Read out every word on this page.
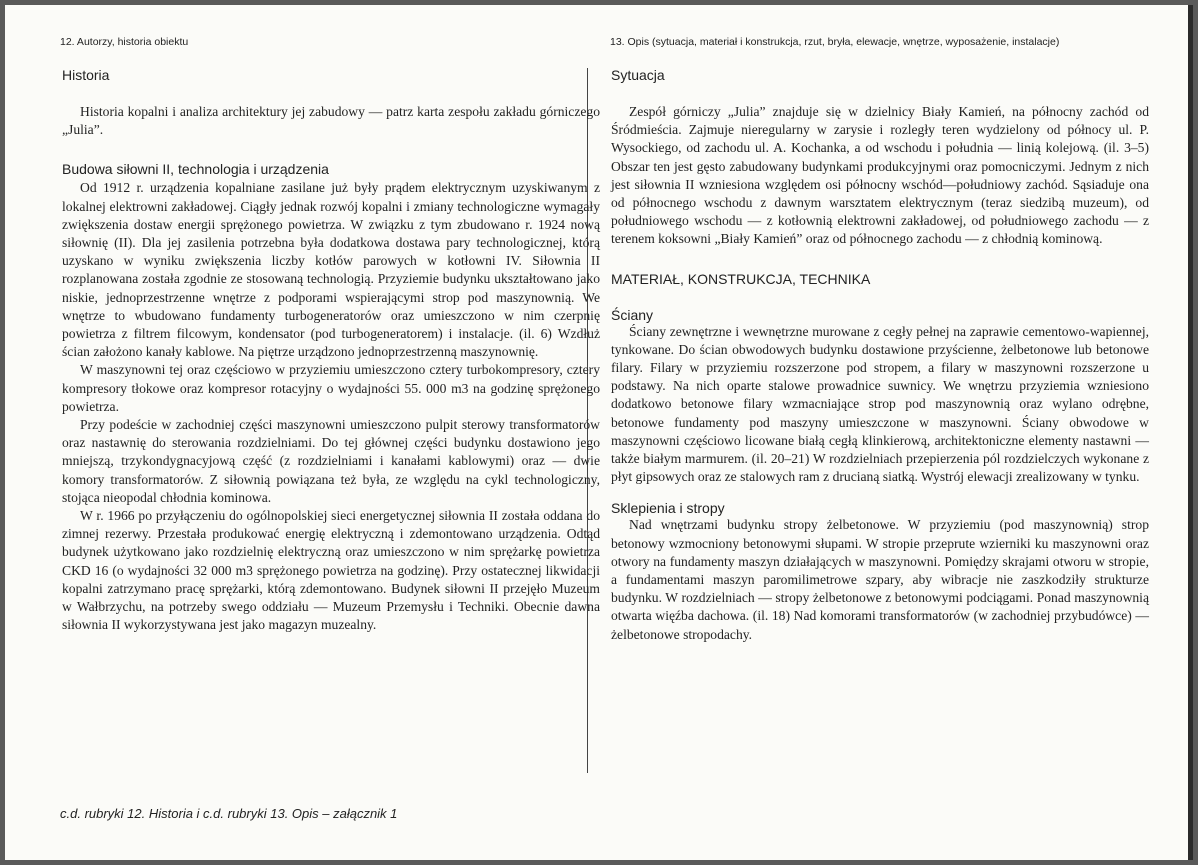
12. Autorzy, historia obiektu	13. Opis (sytuacja, materiał i konstrukcja, rzut, bryła, elewacje, wnętrze, wyposażenie, instalacje)
Historia

Historia kopalni i analiza architektury jej zabudowy — patrz karta zespołu zakładu górniczego „Julia”.

Budowa siłowni II, technologia i urządzenia

Od 1912 r. urządzenia kopalniane zasilane już były prądem elektrycznym uzyskiwanym z lokalnej elektrowni zakładowej. Ciągły jednak rozwój kopalni i zmiany technologiczne wymagały zwiększenia dostaw energii sprężonego powietrza. W związku z tym zbudowano r. 1924 nową siłownię (II). Dla jej zasilenia potrzebna była dodatkowa dostawa pary technologicznej, którą uzyskano w wyniku zwiększenia liczby kotłów parowych w kotłowni IV. Siłownia II rozplanowana została zgodnie ze stosowaną technologią. Przyziemie budynku ukształtowano jako niskie, jednoprzestrzenne wnętrze z podporami wspierającymi strop pod maszynownią. We wnętrze to wbudowano fundamenty turbogeneratorów oraz umieszczono w nim czerpnię powietrza z filtrem filcowym, kondensator (pod turbogeneratorem) i instalacje. (il. 6) Wzdłuż ścian założono kanały kablowe. Na piętrze urządzono jednoprzestrzenną maszynownię.

W maszynowni tej oraz częściowo w przyziemiu umieszczono cztery turbokompresory, cztery kompresory tłokowe oraz kompresor rotacyjny o wydajności 55. 000 m3 na godzinę sprężonego powietrza.

Przy podeście w zachodniej części maszynowni umieszczono pulpit sterowy transformatorów oraz nastawnię do sterowania rozdzielniami. Do tej głównej części budynku dostawiono jego mniejszą, trzykondygnacyjową część (z rozdzielniami i kanałami kablowymi) oraz — dwie komory transformatorów. Z siłownią powiązana też była, ze względu na cykl technologiczny, stojąca nieopodal chłodnia kominowa.

W r. 1966 po przyłączeniu do ogólnopolskiej sieci energetycznej siłownia II została oddana do zimnej rezerwy. Przestała produkować energię elektryczną i zdemontowano urządzenia. Odtąd budynek użytkowano jako rozdzielnię elektryczną oraz umieszczono w nim sprężarkę powietrza CKD 16 (o wydajności 32 000 m3 sprężonego powietrza na godzinę). Przy ostatecznej likwidacji kopalni zatrzymano pracę sprężarki, którą zdemontowano. Budynek siłowni II przejęło Muzeum w Wałbrzychu, na potrzeby swego oddziału — Muzeum Przemysłu i Techniki. Obecnie dawna siłownia II wykorzystywana jest jako magazyn muzealny.

Sytuacja

Zespół górniczy „Julia” znajduje się w dzielnicy Biały Kamień, na północny zachód od Śródmieścia. Zajmuje nieregularny w zarysie i rozległy teren wydzielony od północy ul. P. Wysockiego, od zachodu ul. A. Kochanka, a od wschodu i południa — linią kolejową. (il. 3–5) Obszar ten jest gęsto zabudowany budynkami produkcyjnymi oraz pomocniczymi. Jednym z nich jest siłownia II wzniesiona względem osi północny wschód—południowy zachód. Sąsiaduje ona od północnego wschodu z dawnym warsztatem elektrycznym (teraz siedzibą muzeum), od południowego wschodu — z kotłownią elektrowni zakładowej, od południowego zachodu — z terenem koksowni „Biały Kamień” oraz od północnego zachodu — z chłodnią kominową.

MATERIAŁ, KONSTRUKCJA, TECHNIKA
Ściany

Ściany zewnętrzne i wewnętrzne murowane z cegły pełnej na zaprawie cementowo-wapiennej, tynkowane. Do ścian obwodowych budynku dostawione przyścienne, żelbetonowe lub betonowe filary. Filary w przyziemiu rozszerzone pod stropem, a filary w maszynowni rozszerzone u podstawy. Na nich oparte stalowe prowadnice suwnicy. We wnętrzu przyziemia wzniesiono dodatkowo betonowe filary wzmacniające strop pod maszynownią oraz wylano odrębne, betonowe fundamenty pod maszyny umieszczone w maszynowni. Ściany obwodowe w maszynowni częściowo licowane białą cegłą klinkierową, architektoniczne elementy nastawni — także białym marmurem. (il. 20–21) W rozdzielniach przepierzenia pól rozdzielczych wykonane z płyt gipsowych oraz ze stalowych ram z drucianą siatką. Wystrój elewacji zrealizowany w tynku.

Sklepienia i stropy

Nad wnętrzami budynku stropy żelbetonowe. W przyziemiu (pod maszynownią) strop betonowy wzmocniony betonowymi słupami. W stropie przeprute wzierniki ku maszynowni oraz otwory na fundamenty maszyn działających w maszynowni. Pomiędzy skrajami otworu w stropie, a fundamentami maszyn paromilimetrowe szpary, aby wibracje nie zaszkodziły strukturze budynku. W rozdzielniach — stropy żelbetonowe z betonowymi podciągami. Ponad maszynownią otwarta więźba dachowa. (il. 18) Nad komorami transformatorów (w zachodniej przybudówce) — żelbetonowe stropodachy.

c.d. rubryki 12. Historia i c.d. rubryki 13. Opis – załącznik 1
